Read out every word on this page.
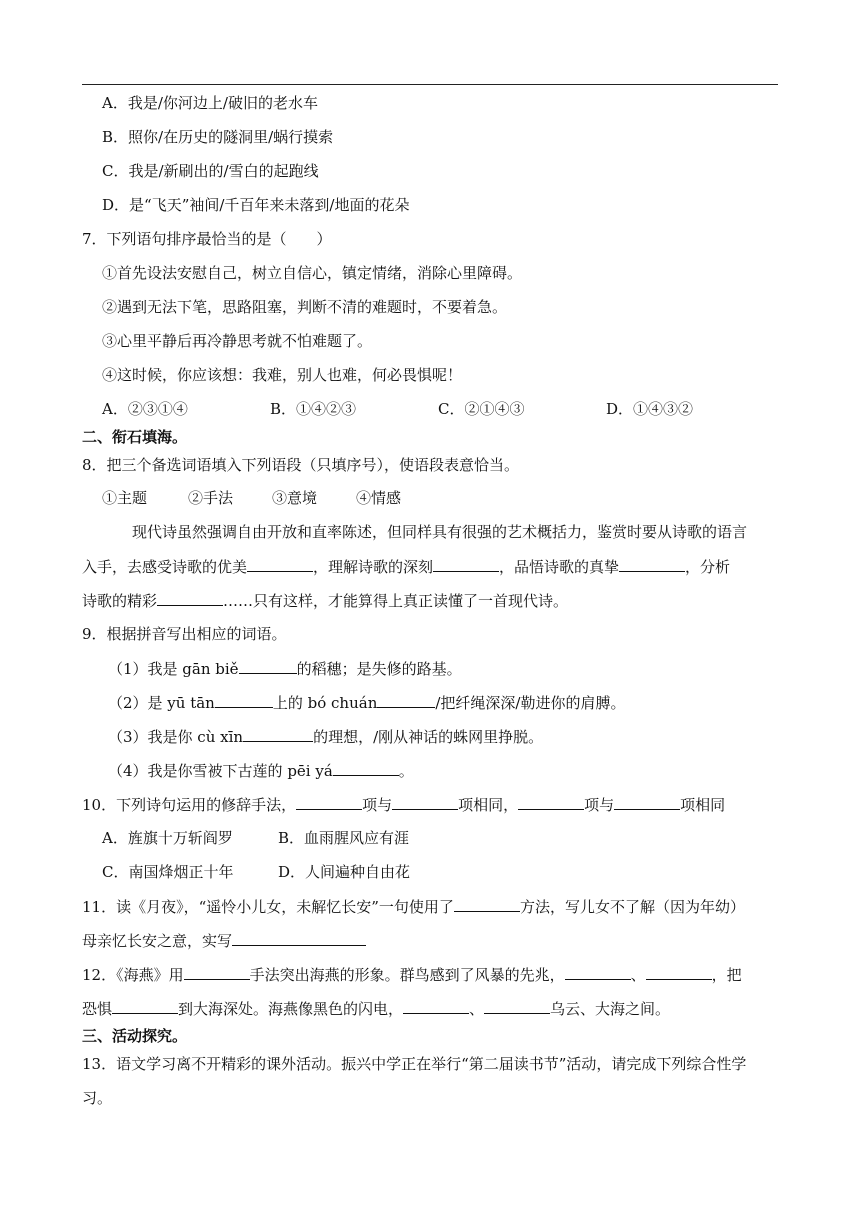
A．我是/你河边上/破旧的老水车
B．照你/在历史的隧洞里/蜗行摸索
C．我是/新刷出的/雪白的起跑线
D．是“飞天”袖间/千百年来未落到/地面的花朵
7．下列语句排序最恰当的是（　　）
①首先设法安慰自己，树立自信心，镇定情绪，消除心里障碍。
②遇到无法下笔，思路阻塞，判断不清的难题时，不要着急。
③心里平静后再冷静思考就不怕难题了。
④这时候，你应该想：我难，别人也难，何必畏惧呢！
A．②③①④	B．①④②③	C．②①④③	D．①④③②
二、衔石填海。
8．把三个备选词语填入下列语段（只填序号），使语段表意恰当。
①主题	②手法	③意境	④情感
现代诗虽然强调自由开放和直率陈述，但同样具有很强的艺术概括力，鉴赏时要从诗歌的语言
入手，去感受诗歌的优美	，理解诗歌的深刻	，品悟诗歌的真挚	，分析
诗歌的精彩	……只有这样，才能算得上真正读懂了一首现代诗。
9．根据拼音写出相应的词语。
（1）我是 gān biě	的稻穗；是失修的路基。
（2）是 yū tān	上的 bó chuán	/把纤绳深深/勒进你的肩膊。
（3）我是你 cù xīn	的理想，/刚从神话的蛛网里挣脱。
（4）我是你雪被下古莲的 pēi yá	。
10．下列诗句运用的修辞手法，	项与	项相同，	项与	项相同
A．旌旗十万斩阎罗	B．血雨腥风应有涯
C．南国烽烟正十年	D．人间遍种自由花
11．读《月夜》，“遥怜小儿女，未解忆长安”一句使用了	方法，写儿女不了解（因为年幼）
母亲忆长安之意，实写
12．《海燕》用	手法突出海燕的形象。群鸟感到了风暴的先兆，	、	，把
恐惧	到大海深处。海燕像黑色的闪电，	、	乌云、大海之间。
三、活动探究。
13．语文学习离不开精彩的课外活动。振兴中学正在举行“第二届读书节”活动，请完成下列综合性学
习。
